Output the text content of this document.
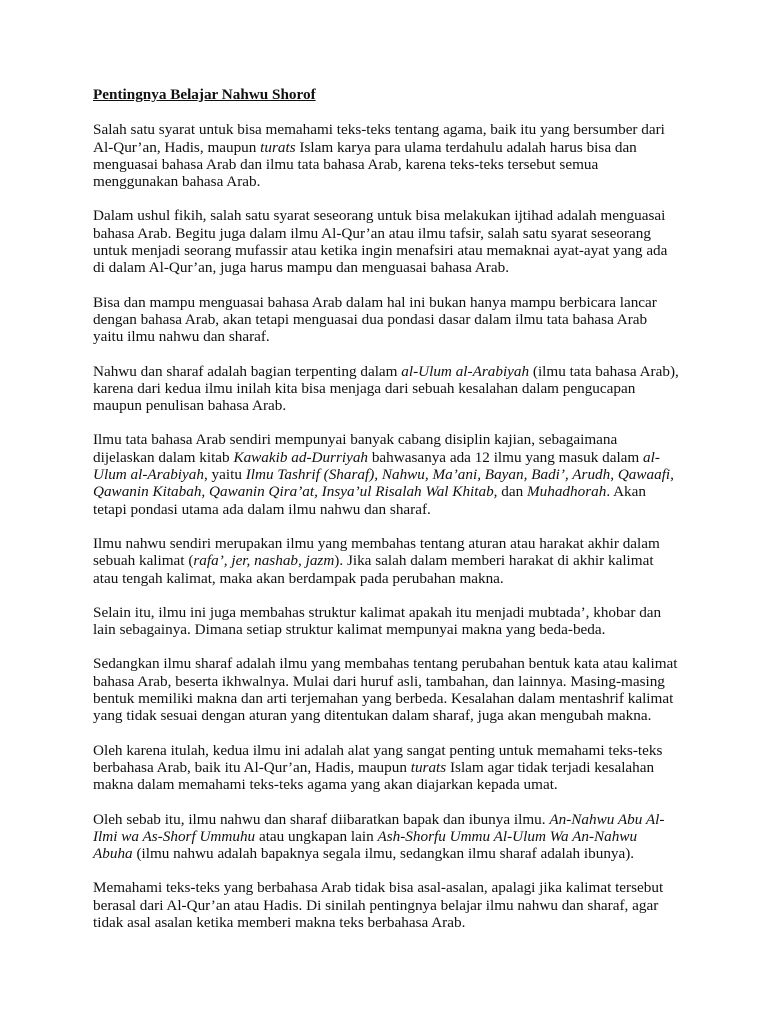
Pentingnya Belajar Nahwu Shorof
Salah satu syarat untuk bisa memahami teks-teks tentang agama, baik itu yang bersumber dari Al-Qur’an, Hadis, maupun turats Islam karya para ulama terdahulu adalah harus bisa dan menguasai bahasa Arab dan ilmu tata bahasa Arab, karena teks-teks tersebut semua menggunakan bahasa Arab.
Dalam ushul fikih, salah satu syarat seseorang untuk bisa melakukan ijtihad adalah menguasai bahasa Arab. Begitu juga dalam ilmu Al-Qur’an atau ilmu tafsir, salah satu syarat seseorang untuk menjadi seorang mufassir atau ketika ingin menafsiri atau memaknai ayat-ayat yang ada di dalam Al-Qur’an, juga harus mampu dan menguasai bahasa Arab.
Bisa dan mampu menguasai bahasa Arab dalam hal ini bukan hanya mampu berbicara lancar dengan bahasa Arab, akan tetapi menguasai dua pondasi dasar dalam ilmu tata bahasa Arab yaitu ilmu nahwu dan sharaf.
Nahwu dan sharaf adalah bagian terpenting dalam al-Ulum al-Arabiyah (ilmu tata bahasa Arab), karena dari kedua ilmu inilah kita bisa menjaga dari sebuah kesalahan dalam pengucapan maupun penulisan bahasa Arab.
Ilmu tata bahasa Arab sendiri mempunyai banyak cabang disiplin kajian, sebagaimana dijelaskan dalam kitab Kawakib ad-Durriyah bahwasanya ada 12 ilmu yang masuk dalam al-Ulum al-Arabiyah, yaitu Ilmu Tashrif (Sharaf), Nahwu, Ma’ani, Bayan, Badi’, Arudh, Qawaafi, Qawanin Kitabah, Qawanin Qira’at, Insya’ul Risalah Wal Khitab, dan Muhadhorah. Akan tetapi pondasi utama ada dalam ilmu nahwu dan sharaf.
Ilmu nahwu sendiri merupakan ilmu yang membahas tentang aturan atau harakat akhir dalam sebuah kalimat (rafa’, jer, nashab, jazm). Jika salah dalam memberi harakat di akhir kalimat atau tengah kalimat, maka akan berdampak pada perubahan makna.
Selain itu, ilmu ini juga membahas struktur kalimat apakah itu menjadi mubtada’, khobar dan lain sebagainya. Dimana setiap struktur kalimat mempunyai makna yang beda-beda.
Sedangkan ilmu sharaf adalah ilmu yang membahas tentang perubahan bentuk kata atau kalimat bahasa Arab, beserta ikhwalnya. Mulai dari huruf asli, tambahan, dan lainnya. Masing-masing bentuk memiliki makna dan arti terjemahan yang berbeda. Kesalahan dalam mentashrif kalimat yang tidak sesuai dengan aturan yang ditentukan dalam sharaf, juga akan mengubah makna.
Oleh karena itulah, kedua ilmu ini adalah alat yang sangat penting untuk memahami teks-teks berbahasa Arab, baik itu Al-Qur’an, Hadis, maupun turats Islam agar tidak terjadi kesalahan makna dalam memahami teks-teks agama yang akan diajarkan kepada umat.
Oleh sebab itu, ilmu nahwu dan sharaf diibaratkan bapak dan ibunya ilmu. An-Nahwu Abu Al-Ilmi wa As-Shorf Ummuhu atau ungkapan lain Ash-Shorfu Ummu Al-Ulum Wa An-Nahwu Abuha (ilmu nahwu adalah bapaknya segala ilmu, sedangkan ilmu sharaf adalah ibunya).
Memahami teks-teks yang berbahasa Arab tidak bisa asal-asalan, apalagi jika kalimat tersebut berasal dari Al-Qur’an atau Hadis. Di sinilah pentingnya belajar ilmu nahwu dan sharaf, agar tidak asal asalan ketika memberi makna teks berbahasa Arab.
